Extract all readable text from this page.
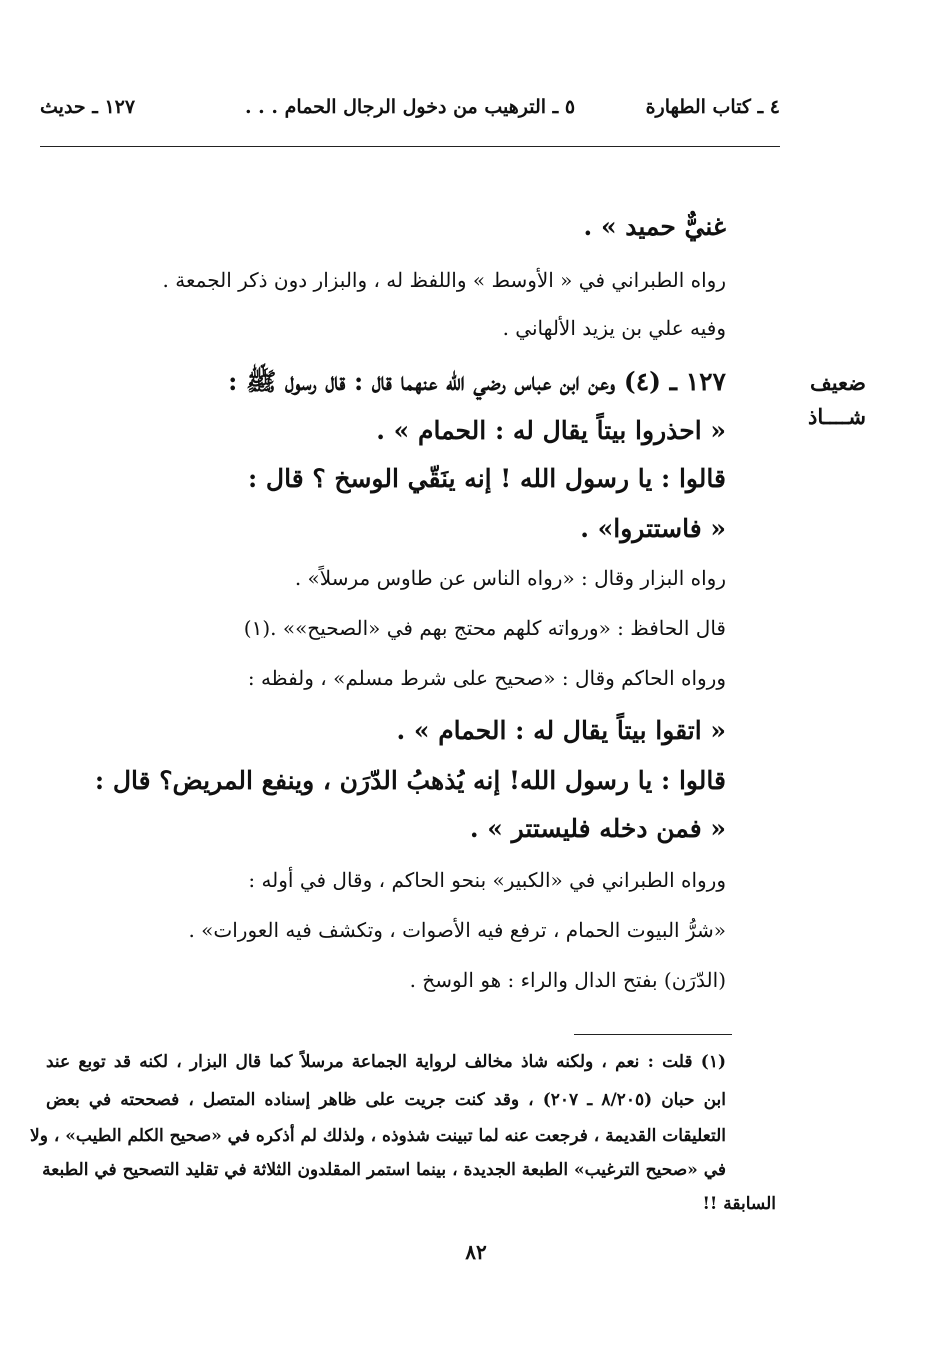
٤ ـ كتاب الطهارة
٥ ـ الترهيب من دخول الرجال الحمام . . .
١٢٧ ـ حديث
ضعيف
شــــاذ
غنيٌّ حميد » .
رواه الطبراني في « الأوسط » واللفظ له ، والبزار دون ذكر الجمعة .
وفيه علي بن يزيد الألهاني .
١٢٧ ـ (٤) وعن ابن عباس رضي الله عنهما قال : قال رسول ﷺ :
« احذروا بيتاً يقال له : الحمام » .
قالوا : يا رسول الله ! إنه ينَقّي الوسخ ؟ قال :
« فاستتروا» .
رواه البزار وقال : «رواه الناس عن طاوس مرسلاً» .
قال الحافظ : «ورواته كلهم محتج بهم في «الصحيح»» .(١)
ورواه الحاكم وقال : «صحيح على شرط مسلم» ، ولفظه :
« اتقوا بيتاً يقال له : الحمام » .
قالوا : يا رسول الله! إنه يُذهبُ الدّرَن ، وينفع المريض؟ قال :
« فمن دخله فليستتر » .
ورواه الطبراني في «الكبير» بنحو الحاكم ، وقال في أوله :
«شرُّ البيوت الحمام ، ترفع فيه الأصوات ، وتكشف فيه العورات» .
(الدّرَن) بفتح الدال والراء : هو الوسخ .
(١) قلت : نعم ، ولكنه شاذ مخالف لرواية الجماعة مرسلاً كما قال البزار ، لكنه قد توبع عند
ابن حبان (٨/٢٠٥ ـ ٢٠٧) ، وقد كنت جريت على ظاهر إسناده المتصل ، فصححته في بعض
التعليقات القديمة ، فرجعت عنه لما تبينت شذوذه ، ولذلك لم أذكره في «صحيح الكلم الطيب» ، ولا
في «صحيح الترغيب» الطبعة الجديدة ، بينما استمر المقلدون الثلاثة في تقليد التصحيح في الطبعة
السابقة !!
٨٢
